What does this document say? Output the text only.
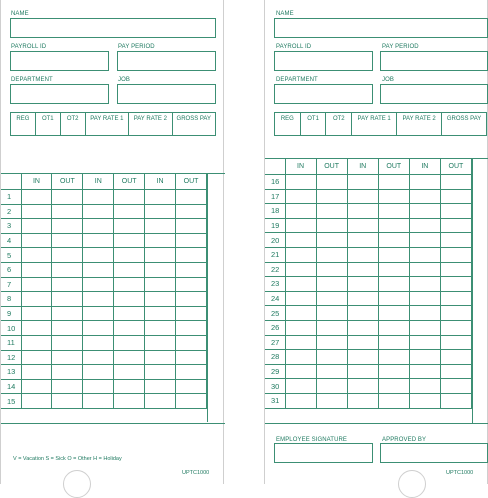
NAME
PAYROLL ID	PAY PERIOD
DEPARTMENT	JOB
REG	OT1	OT2	PAY RATE 1	PAY RATE 2	GROSS PAY
	IN	OUT	IN	OUT	IN	OUT
1						
2						
3						
4						
5						
6						
7						
8						
9						
10						
11						
12						
13						
14						
15						
V = Vacation S = Sick O = Other H = Holiday
UPTC1000
NAME
PAYROLL ID	PAY PERIOD
DEPARTMENT	JOB
REG	OT1	OT2	PAY RATE 1	PAY RATE 2	GROSS PAY
	IN	OUT	IN	OUT	IN	OUT
16						
17						
18						
19						
20						
21						
22						
23						
24						
25						
26						
27						
28						
29						
30						
31						
EMPLOYEE SIGNATURE	APPROVED BY
UPTC1000
